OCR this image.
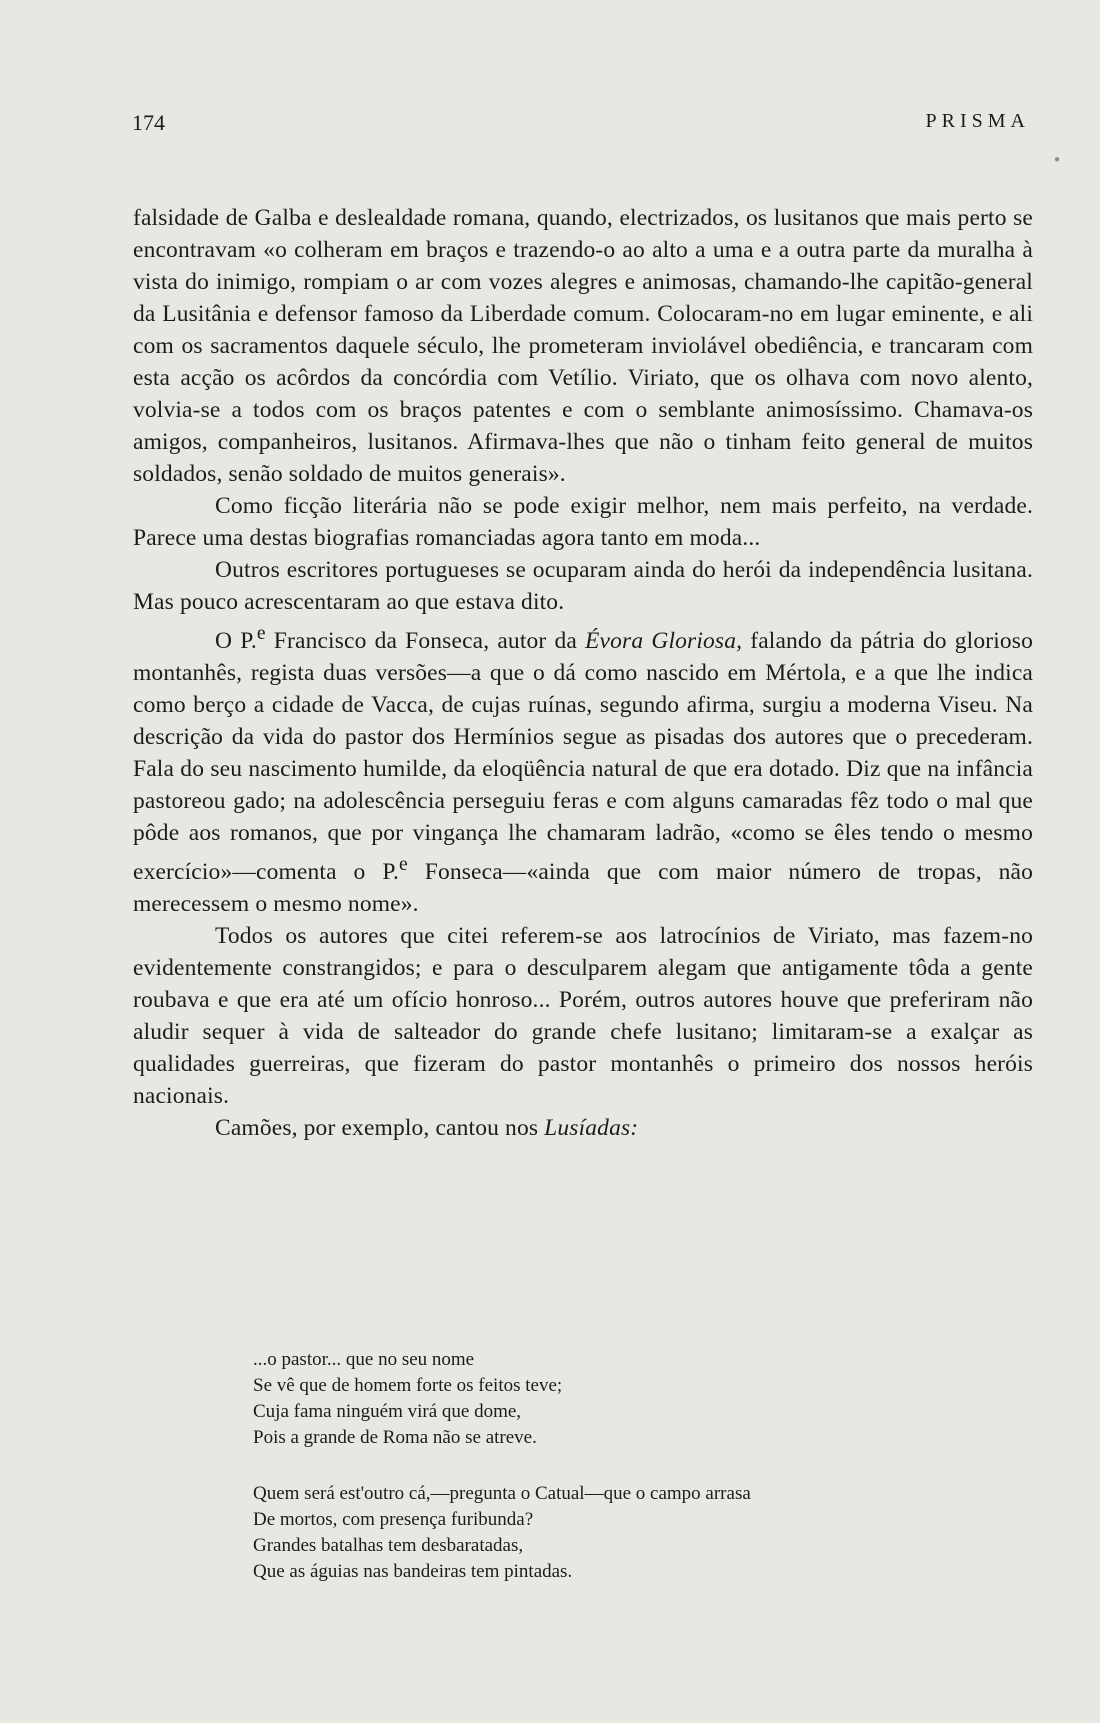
174	PRISMA
●

falsidade de Galba e deslealdade romana, quando, electrizados, os lusitanos que mais perto se encontravam «o colheram em braços e trazendo-o ao alto a uma e a outra parte da muralha à vista do inimigo, rompiam o ar com vozes alegres e animosas, chamando-lhe capitão-general da Lusitânia e defensor famoso da Liberdade comum. Colocaram-no em lugar eminente, e ali com os sacramentos daquele século, lhe prometeram inviolável obediência, e trancaram com esta acção os acôrdos da concórdia com Vetílio. Viriato, que os olhava com novo alento, volvia-se a todos com os braços patentes e com o semblante animosíssimo. Chamava-os amigos, companheiros, lusitanos. Afirmava-lhes que não o tinham feito general de muitos soldados, senão soldado de muitos generais».

Como ficção literária não se pode exigir melhor, nem mais perfeito, na verdade. Parece uma destas biografias romanciadas agora tanto em moda...

Outros escritores portugueses se ocuparam ainda do herói da independência lusitana. Mas pouco acrescentaram ao que estava dito.

O P.$^e$ Francisco da Fonseca, autor da Évora Gloriosa, falando da pátria do glorioso montanhês, regista duas versões—a que o dá como nascido em Mértola, e a que lhe indica como berço a cidade de Vacca, de cujas ruínas, segundo afirma, surgiu a moderna Viseu. Na descrição da vida do pastor dos Hermínios segue as pisadas dos autores que o precederam. Fala do seu nascimento humilde, da eloqüência natural de que era dotado. Diz que na infância pastoreou gado; na adolescência perseguiu feras e com alguns camaradas fêz todo o mal que pôde aos romanos, que por vingança lhe chamaram ladrão, «como se êles tendo o mesmo exercício»—comenta o P.$^e$ Fonseca—«ainda que com maior número de tropas, não merecessem o mesmo nome».

Todos os autores que citei referem-se aos latrocínios de Viriato, mas fazem-no evidentemente constrangidos; e para o desculparem alegam que antigamente tôda a gente roubava e que era até um ofício honroso... Porém, outros autores houve que preferiram não aludir sequer à vida de salteador do grande chefe lusitano; limitaram-se a exalçar as qualidades guerreiras, que fizeram do pastor montanhês o primeiro dos nossos heróis nacionais.

Camões, por exemplo, cantou nos Lusíadas:

...o pastor... que no seu nome
Se vê que de homem forte os feitos teve;
Cuja fama ninguém virá que dome,
Pois a grande de Roma não se atreve.
Quem será est'outro cá,—pregunta o Catual—que o campo arrasa
De mortos, com presença furibunda?
Grandes batalhas tem desbaratadas,
Que as águias nas bandeiras tem pintadas.
